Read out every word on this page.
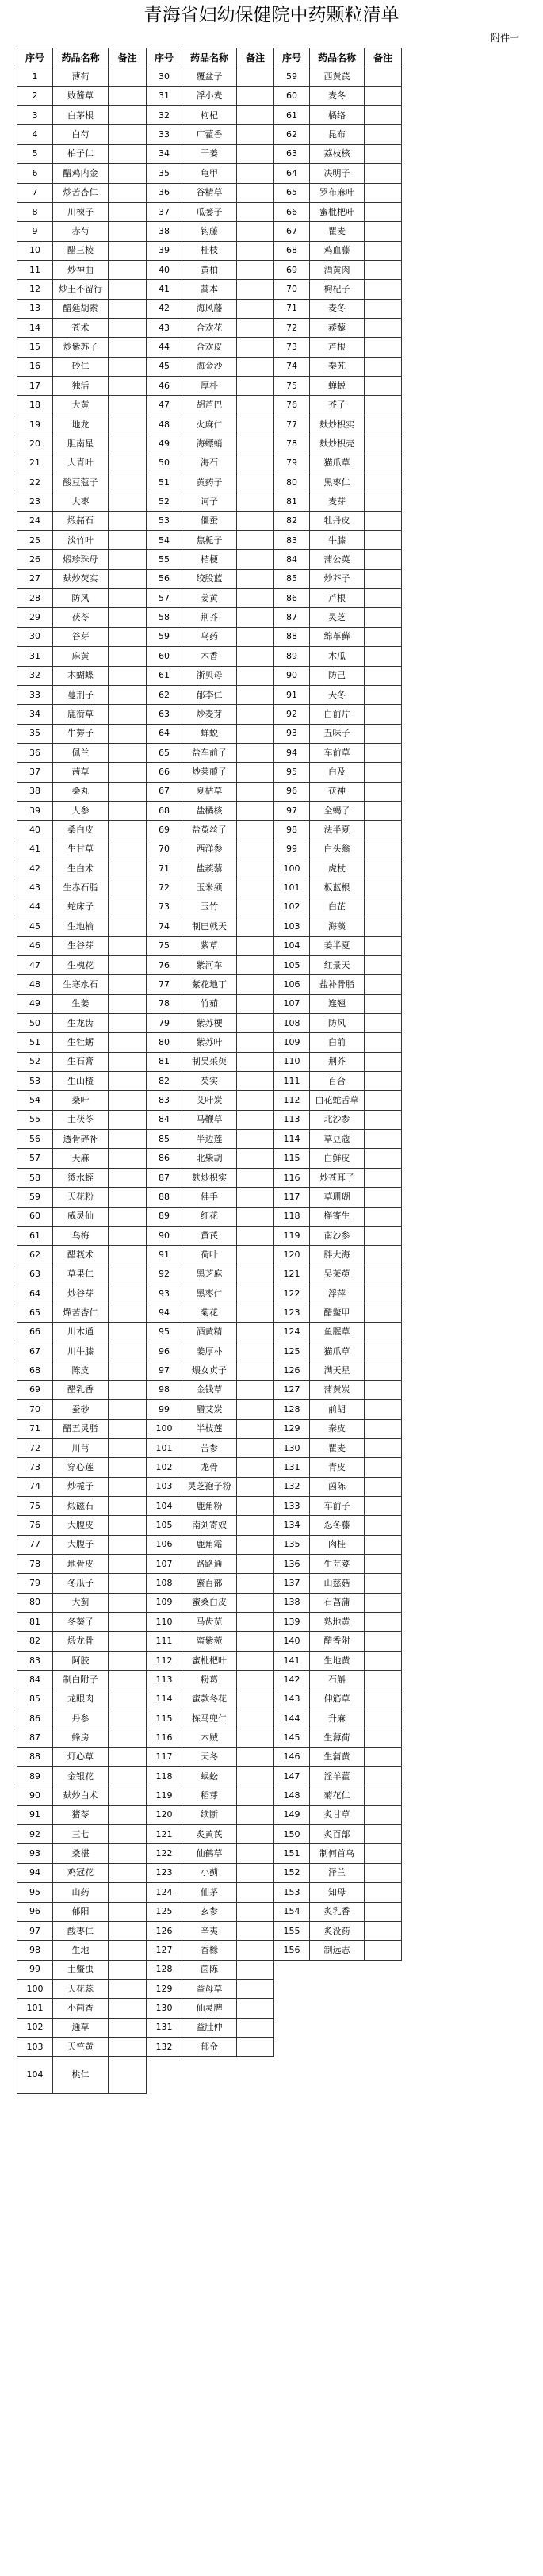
青海省妇幼保健院中药颗粒清单
附件一
序号	药品名称	备注	序号	药品名称	备注	序号	药品名称	备注
1	薄荷		30	覆盆子		59	西黄芪	
2	败酱草		31	浮小麦		60	麦冬	
3	白茅根		32	枸杞		61	橘络	
4	白芍		33	广藿香		62	昆布	
5	柏子仁		34	干姜		63	荔枝核	
6	醋鸡内金		35	龟甲		64	决明子	
7	炒苦杏仁		36	谷精草		65	罗布麻叶	
8	川楝子		37	瓜蒌子		66	蜜枇杷叶	
9	赤芍		38	钩藤		67	瞿麦	
10	醋三棱		39	桂枝		68	鸡血藤	
11	炒神曲		40	黄柏		69	酒黄肉	
12	炒王不留行		41	蒿本		70	枸杞子	
13	醋延胡索		42	海风藤		71	麦冬	
14	苍术		43	合欢花		72	蒺藜	
15	炒紫苏子		44	合欢皮		73	芦根	
16	砂仁		45	海金沙		74	秦艽	
17	独活		46	厚朴		75	蝉蜕	
18	大黄		47	胡芦巴		76	芥子	
19	地龙		48	火麻仁		77	麸炒枳实	
20	胆南星		49	海螵蛸		78	麸炒枳壳	
21	大青叶		50	海石		79	猫爪草	
22	酸豆蔻子		51	黄药子		80	黑枣仁	
23	大枣		52	诃子		81	麦芽	
24	煅赭石		53	僵蚕		82	牡丹皮	
25	淡竹叶		54	焦栀子		83	牛膝	
26	煅珍珠母		55	桔梗		84	蒲公英	
27	麸炒芡实		56	绞股蓝		85	炒芥子	
28	防风		57	姜黄		86	芦根	
29	茯苓		58	荆芥		87	灵芝	
30	谷芽		59	乌药		88	绵革藓	
31	麻黄		60	木香		89	木瓜	
32	木蝴蝶		61	浙贝母		90	防己	
33	蔓荆子		62	郁李仁		91	天冬	
34	鹿衔草		63	炒麦芽		92	白前片	
35	牛蒡子		64	蝉蜕		93	五味子	
36	佩兰		65	盐车前子		94	车前草	
37	茜草		66	炒莱菔子		95	白及	
38	桑丸		67	夏枯草		96	茯神	
39	人参		68	盐橘核		97	全蝎子	
40	桑白皮		69	盐菟丝子		98	法半夏	
41	生甘草		70	西洋参		99	白头翁	
42	生白术		71	盐蒺藜		100	虎杖	
43	生赤石脂		72	玉米须		101	板蓝根	
44	蛇床子		73	玉竹		102	白芷	
45	生地榆		74	制巴戟天		103	海藻	
46	生谷芽		75	紫草		104	姜半夏	
47	生槐花		76	紫河车		105	红景天	
48	生寒水石		77	紫花地丁		106	盐补骨脂	
49	生姜		78	竹茹		107	连翘	
50	生龙齿		79	紫苏梗		108	防风	
51	生牡蛎		80	紫苏叶		109	白前	
52	生石膏		81	制吴茱萸		110	荆芥	
53	生山楂		82	芡实		111	百合	
54	桑叶		83	艾叶炭		112	白花蛇舌草	
55	土茯苓		84	马鞭草		113	北沙参	
56	透骨碎补		85	半边莲		114	草豆蔻	
57	天麻		86	北柴胡		115	白鲜皮	
58	烫水蛭		87	麸炒枳实		116	炒苍耳子	
59	天花粉		88	佛手		117	草珊瑚	
60	威灵仙		89	红花		118	槲寄生	
61	乌梅		90	黄芪		119	南沙参	
62	醋莪术		91	荷叶		120	胖大海	
63	草果仁		92	黑芝麻		121	吴茱萸	
64	炒谷芽		93	黑枣仁		122	浮萍	
65	燀苦杏仁		94	菊花		123	醋鳖甲	
66	川木通		95	酒黄精		124	鱼腥草	
67	川牛膝		96	姜厚朴		125	猫爪草	
68	陈皮		97	煨女贞子		126	满天星	
69	醋乳香		98	金钱草		127	蒲黄炭	
70	蚕砂		99	醋艾炭		128	前胡	
71	醋五灵脂		100	半枝莲		129	秦皮	
72	川芎		101	苦参		130	瞿麦	
73	穿心莲		102	龙骨		131	青皮	
74	炒栀子		103	灵芝孢子粉		132	茵陈	
75	煅磁石		104	鹿角粉		133	车前子	
76	大腹皮		105	南刘寄奴		134	忍冬藤	
77	大腹子		106	鹿角霜		135	肉桂	
78	地骨皮		107	路路通		136	生芫荽	
79	冬瓜子		108	蜜百部		137	山慈菇	
80	大蓟		109	蜜桑白皮		138	石菖蒲	
81	冬葵子		110	马齿苋		139	熟地黄	
82	煅龙骨		111	蜜紫菀		140	醋香附	
83	阿胶		112	蜜枇杷叶		141	生地黄	
84	制白附子		113	粉葛		142	石斛	
85	龙眼肉		114	蜜款冬花		143	伸筋草	
86	丹参		115	拣马兜仁		144	升麻	
87	蜂房		116	木贼		145	生薄荷	
88	灯心草		117	天冬		146	生蒲黄	
89	金银花		118	蜈蚣		147	淫羊藿	
90	麸炒白术		119	稻芽		148	菊花仁	
91	猪苓		120	续断		149	炙甘草	
92	三七		121	炙黄芪		150	炙百部	
93	桑椹		122	仙鹤草		151	制何首乌	
94	鸡冠花		123	小蓟		152	泽兰	
95	山药		124	仙茅		153	知母	
96	郁阳		125	玄参		154	炙乳香	
97	酸枣仁		126	辛夷		155	炙没药	
98	生地		127	香橼		156	制远志	
99	土鳖虫		128	茵陈				
100	天花蕊		129	益母草				
101	小茴香		130	仙灵脾				
102	通草		131	益肚仲				
103	天竺黄		132	郁金				
104	桃仁							
